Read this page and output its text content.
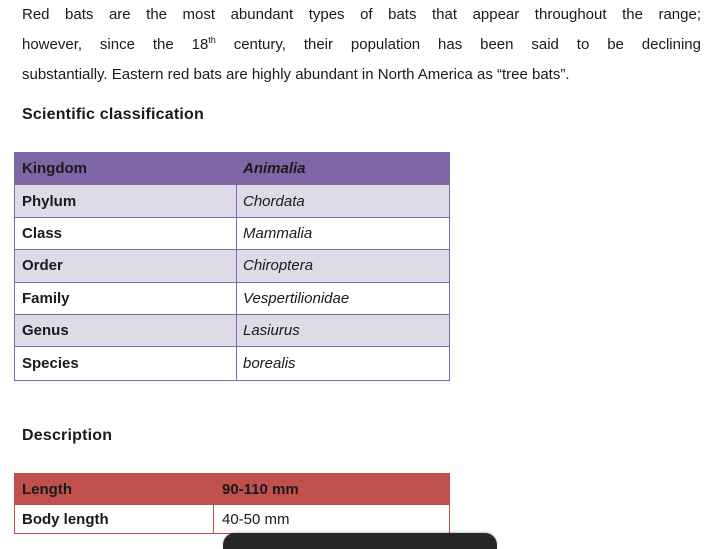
Red bats are the most abundant types of bats that appear throughout the range;
however, since the 18th century, their population has been said to be declining
substantially. Eastern red bats are highly abundant in North America as “tree bats”.
Scientific classification
Kingdom	Animalia
Phylum	Chordata
Class	Mammalia
Order	Chiroptera
Family	Vespertilionidae
Genus	Lasiurus
Species	borealis
Description
Length	90-110 mm
Body length	40-50 mm
